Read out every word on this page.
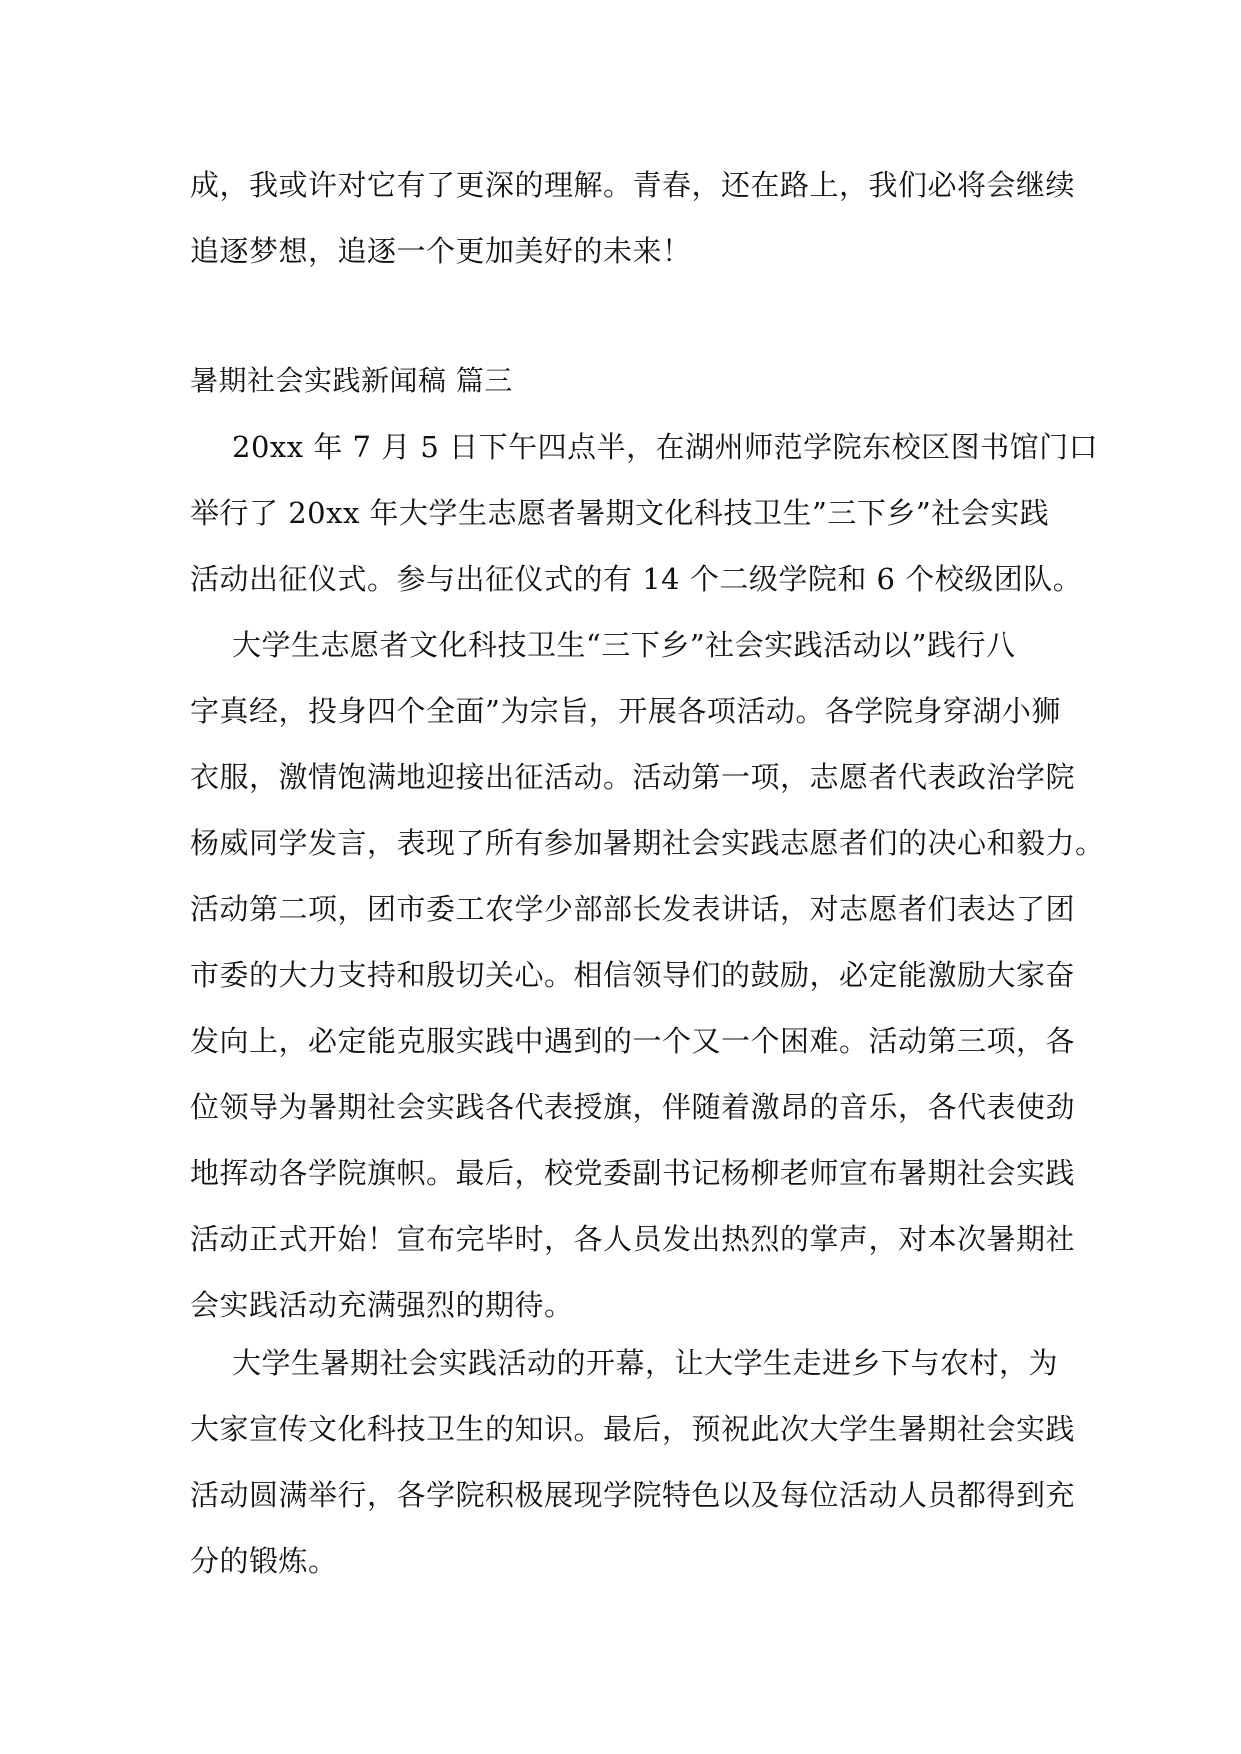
成，我或许对它有了更深的理解。青春，还在路上，我们必将会继续

追逐梦想，追逐一个更加美好的未来！

暑期社会实践新闻稿 篇三

20xx 年 7 月 5 日下午四点半，在湖州师范学院东校区图书馆门口

举行了 20xx 年大学生志愿者暑期文化科技卫生”三下乡”社会实践

活动出征仪式。参与出征仪式的有 14 个二级学院和 6 个校级团队。

大学生志愿者文化科技卫生“三下乡”社会实践活动以”践行八

字真经，投身四个全面”为宗旨，开展各项活动。各学院身穿湖小狮

衣服，激情饱满地迎接出征活动。活动第一项，志愿者代表政治学院

杨威同学发言，表现了所有参加暑期社会实践志愿者们的决心和毅力。

活动第二项，团市委工农学少部部长发表讲话，对志愿者们表达了团

市委的大力支持和殷切关心。相信领导们的鼓励，必定能激励大家奋

发向上，必定能克服实践中遇到的一个又一个困难。活动第三项，各

位领导为暑期社会实践各代表授旗，伴随着激昂的音乐，各代表使劲

地挥动各学院旗帜。最后，校党委副书记杨柳老师宣布暑期社会实践

活动正式开始！宣布完毕时，各人员发出热烈的掌声，对本次暑期社

会实践活动充满强烈的期待。

大学生暑期社会实践活动的开幕，让大学生走进乡下与农村，为

大家宣传文化科技卫生的知识。最后，预祝此次大学生暑期社会实践

活动圆满举行，各学院积极展现学院特色以及每位活动人员都得到充

分的锻炼。
